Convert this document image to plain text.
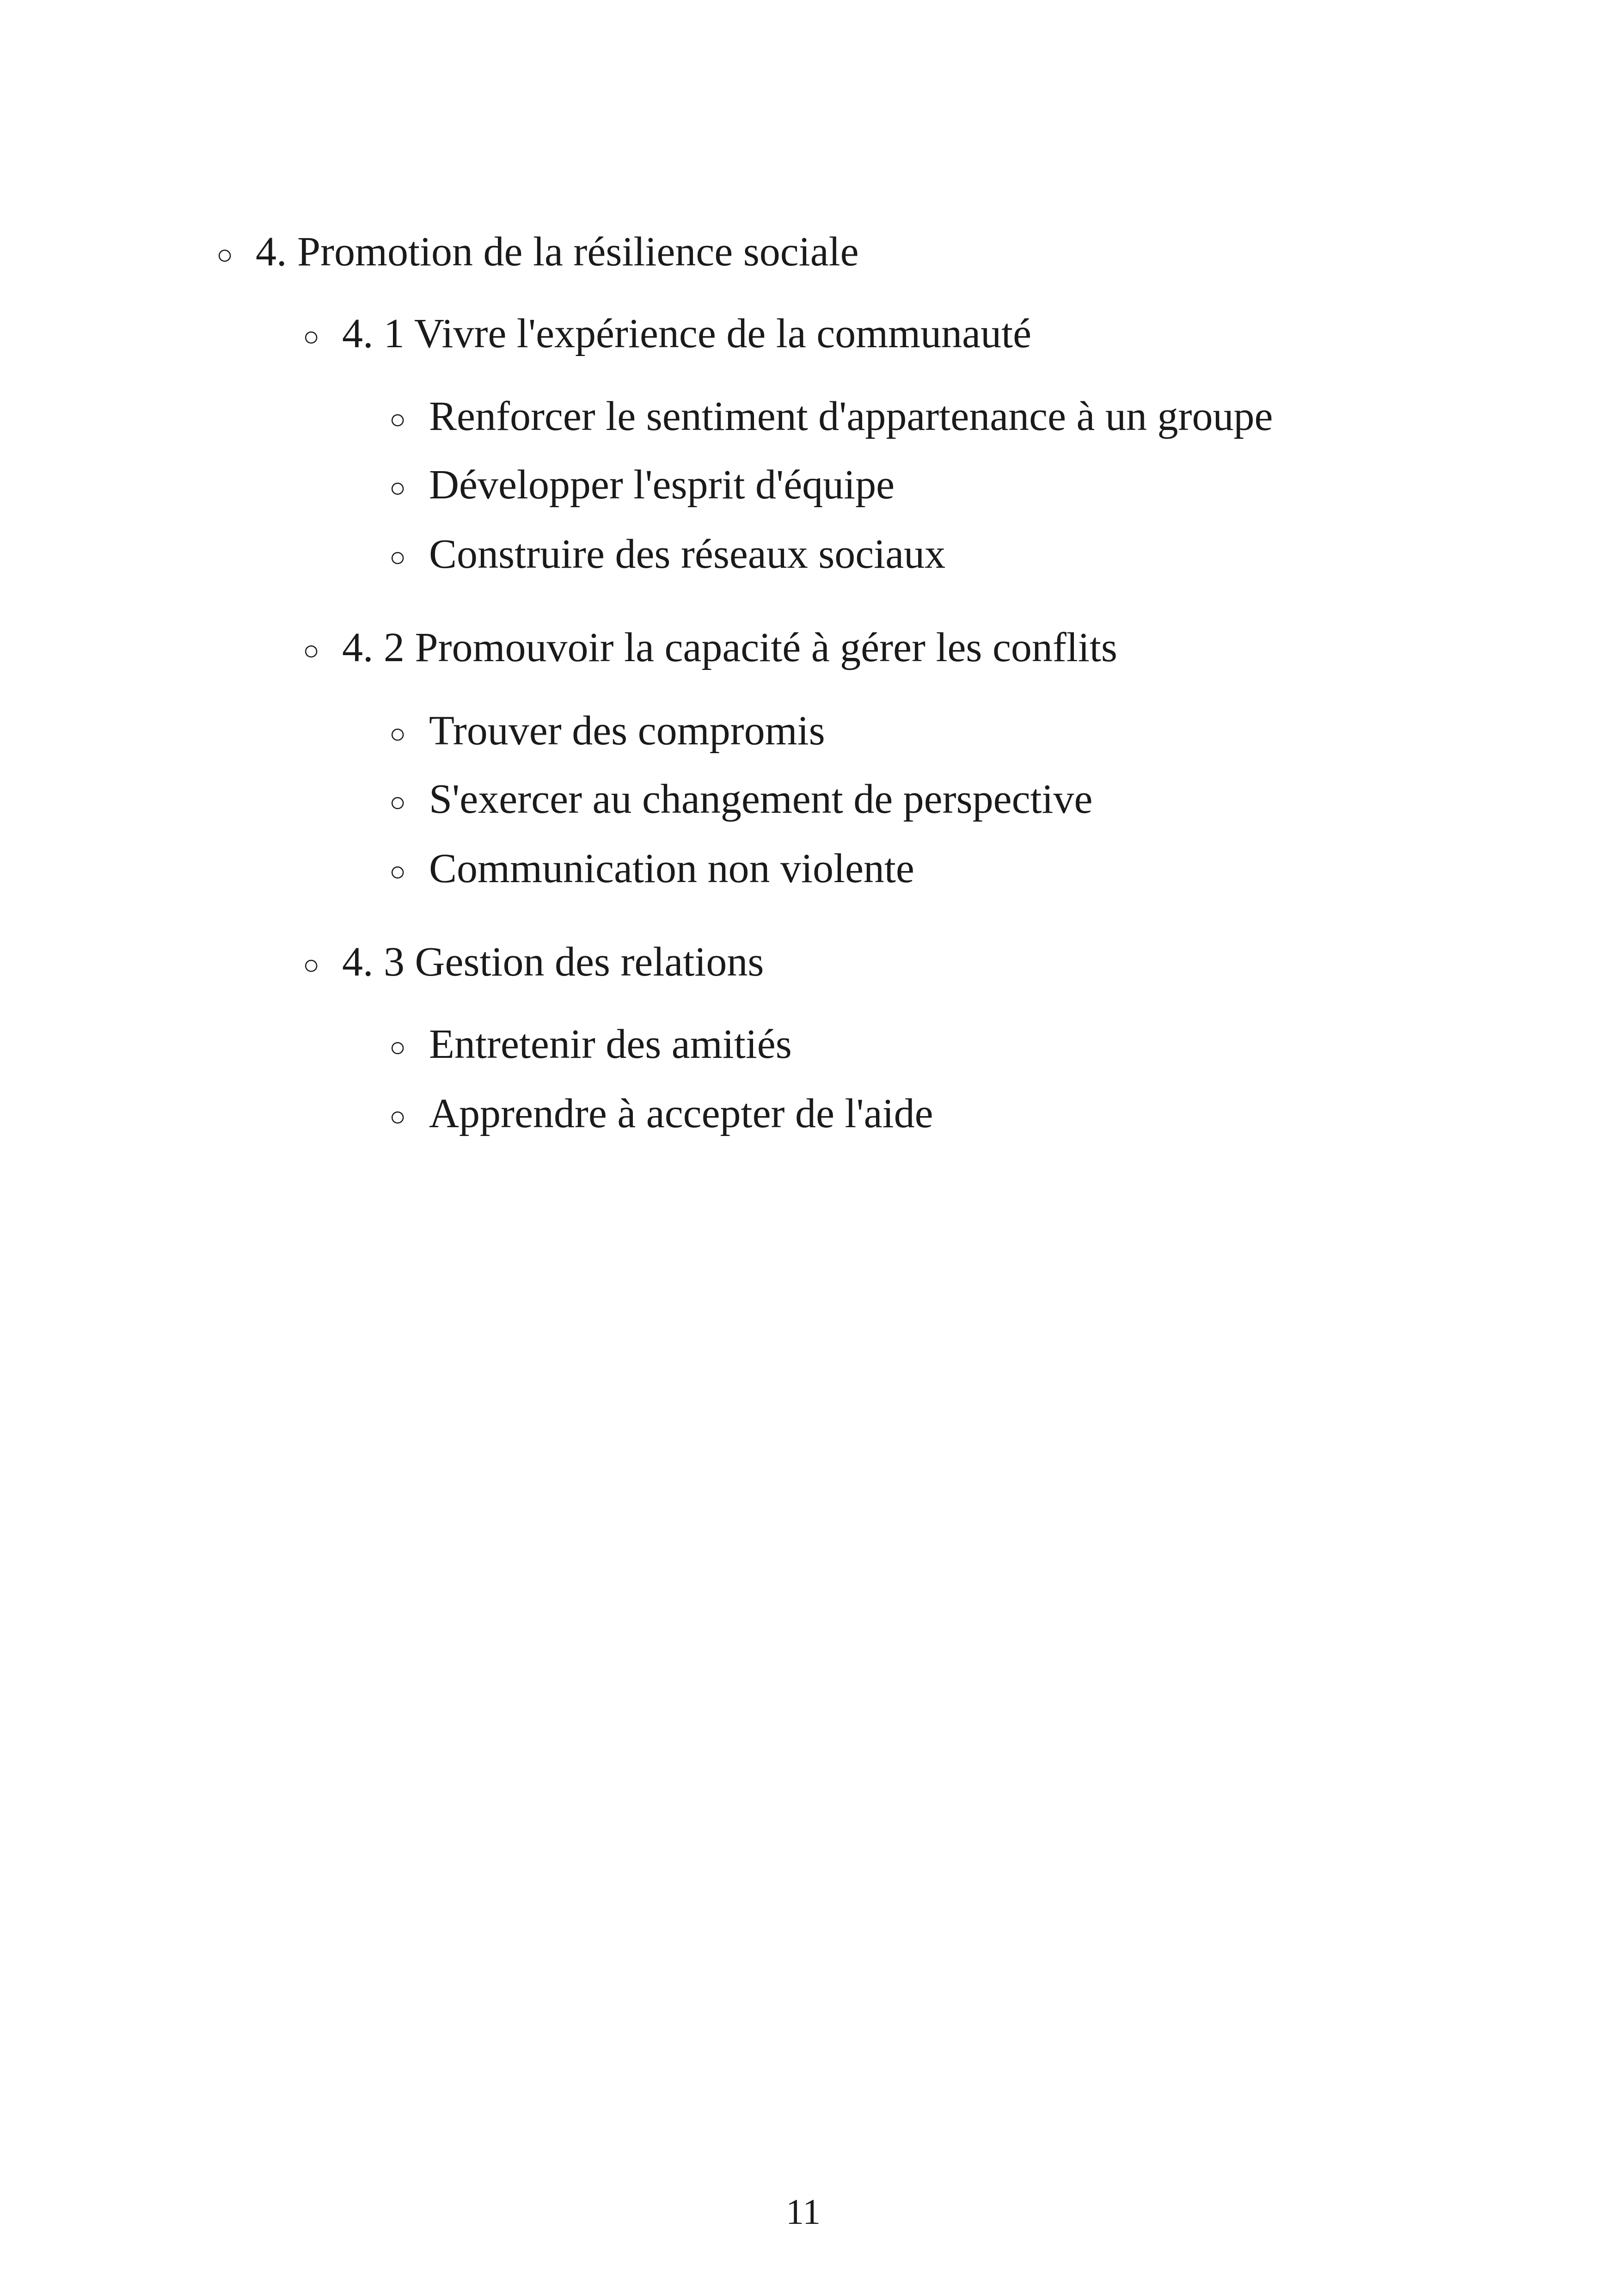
○ 4. Promotion de la résilience sociale
○ 4. 1 Vivre l'expérience de la communauté
○ Renforcer le sentiment d'appartenance à un groupe
○ Développer l'esprit d'équipe
○ Construire des réseaux sociaux
○ 4. 2 Promouvoir la capacité à gérer les conflits
○ Trouver des compromis
○ S'exercer au changement de perspective
○ Communication non violente
○ 4. 3 Gestion des relations
○ Entretenir des amitiés
○ Apprendre à accepter de l'aide
11
